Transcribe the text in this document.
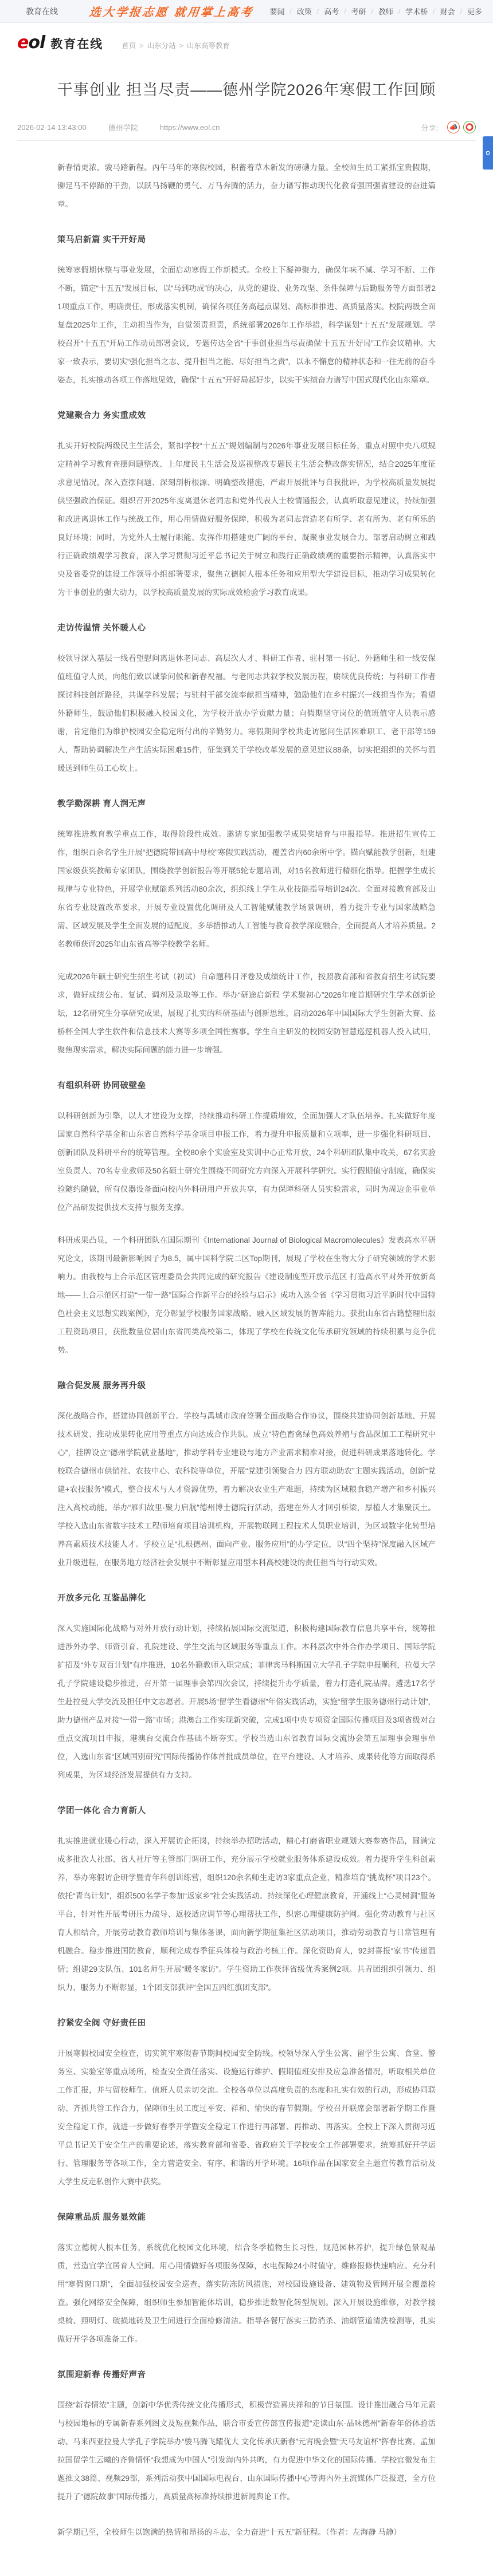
教育在线	选大学报志愿 就用掌上高考	要闻 / 政策 / 高考 / 考研 / 教师 / 学术桥 / 财会 / 更多
eol 教育在线	首页 > 山东分站 > 山东高等教育
干事创业 担当尽责——德州学院2026年寒假工作回顾
2026-02-14 13:43:00	德州学院	https://www.eol.cn	分享: 📣 ⭕

新春情更浓，骏马踏新程。丙午马年的寒假校园，积蓄着草木新发的磅礴力量。全校师生员工紧抓宝贵假期，铆足马不停蹄的干劲，以跃马扬鞭的勇气、万马奔腾的活力，奋力谱写推动现代化教育强国强省建设的奋进篇章。

策马启新篇 实干开好局

统筹寒假期休整与事业发展，全面启动寒假工作新模式。全校上下凝神聚力，确保年味不减、学习不断、工作不断，锚定“十五五”发展目标，以“马到功成”的决心，从党的建设、业务攻坚、条件保障与后勤服务等方面部署21项重点工作，明确责任，形成落实机制，确保各项任务高起点谋划、高标准推进、高质量落实。校院两级全面复盘2025年工作，主动担当作为，自觉领责担责，系统部署2026年工作举措，科学谋划“十五五”发展规划。学校召开“十五五”开局工作动员部署会议，专题传达全省“干事创业担当尽责确保‘十五五’开好局”工作会议精神。大家一致表示，要切实“强化担当之志、提升担当之能、尽好担当之责”，以永不懈怠的精神状态和一往无前的奋斗姿态，扎实推动各项工作落地见效，确保“十五五”开好局起好步，以实干实绩奋力谱写中国式现代化山东篇章。

党建聚合力 务实重成效

扎实开好校院两级民主生活会，紧扣学校“十五五”规划编制与2026年事业发展目标任务，重点对照中央八项规定精神学习教育查摆问题整改、上年度民主生活会及巡视整改专题民主生活会整改落实情况，结合2025年度征求意见情况，深入查摆问题、深刻剖析根源、明确整改措施，严肃开展批评与自我批评，为学校高质量发展提供坚强政治保证。组织召开2025年度离退休老同志和党外代表人士校情通报会，认真听取意见建议，持续加强和改进离退休工作与统战工作，用心用情做好服务保障，积极为老同志营造老有所学、老有所为、老有所乐的良好环境；同时，为党外人士履行职能、发挥作用搭建更广阔的平台，凝聚事业发展合力。部署启动树立和践行正确政绩观学习教育，深入学习贯彻习近平总书记关于树立和践行正确政绩观的重要指示精神，认真落实中央及省委党的建设工作领导小组部署要求，聚焦立德树人根本任务和应用型大学建设目标，推动学习成果转化为干事创业的强大动力，以学校高质量发展的实际成效检验学习教育成果。

走访传温情 关怀暖人心

校领导深入基层一线看望慰问离退休老同志、高层次人才、科研工作者、驻村第一书记、外籍师生和一线安保值班值守人员，向他们致以诚挚问候和新春祝福。与老同志共叙学校发展历程，赓续优良传统；与科研工作者探讨科技创新路径，共谋学科发展；与驻村干部交流奉献担当精神，勉励他们在乡村振兴一线担当作为；看望外籍师生，鼓励他们积极融入校园文化，为学校开放办学贡献力量；向假期坚守岗位的值班值守人员表示感谢，肯定他们为维护校园安全稳定所付出的辛勤努力。寒假期间学校共走访慰问生活困难职工、老干部等159人，帮助协调解决生产生活实际困难15件，征集到关于学校改革发展的意见建议88条，切实把组织的关怀与温暖送到师生员工心坎上。

教学勤深耕 育人润无声

统筹推进教育教学重点工作，取得阶段性成效。邀请专家加强教学成果奖培育与申报指导。推进招生宣传工作，组织百余名学生开展“把德院带回高中母校”寒假实践活动，覆盖省内60余所中学。锚向赋能教学创新，组建国家级获奖教师专家团队，围绕教学创新报告等开展5轮专题培训，对15名教师进行精细化指导。把握学生成长规律与专业特色，开展学业赋能系列活动80余次，组织线上学生从业技能指导培训24次。全面对接教育部及山东省专业设置改革要求，开展专业设置优化调研及人工智能赋能教学场景调研，着力提升专业与国家战略急需、区域发展及学生全面发展的适配度，多举措推动人工智能与教育教学深度融合，全面提高人才培养质量。2名教师获评2025年山东省高等学校教学名师。

完成2026年硕士研究生招生考试（初试）自命题科目评卷及成绩统计工作，按照教育部和省教育招生考试院要求，做好成绩公布、复试、调剂及录取等工作。举办“研途启新程 学术聚初心”2026年度首期研究生学术创新论坛，12名研究生分享研究成果，展现了扎实的科研基础与创新思维。启动2026年中国国际大学生创新大赛、蓝桥杯全国大学生软件和信息技术大赛等多项全国性赛事。学生自主研发的校园安防智慧巡逻机器人投入试用，聚焦现实需求，解决实际问题的能力进一步增强。

有组织科研 协同破壁垒

以科研创新为引擎，以人才建设为支撑，持续推动科研工作提质增效，全面加强人才队伍培养。扎实做好年度国家自然科学基金和山东省自然科学基金项目申报工作，着力提升申报质量和立项率，进一步强化科研项目、创新团队及科研平台的统筹管理。全校80余个实验室及实训中心正常开放，24个科研团队集中攻关，67名实验室负责人、70名专业教师及50名硕士研究生围绕不同研究方向深入开展科学研究。实行假期值守制度，确保实验随约随做，所有仪器设备面向校内外科研用户开放共享，有力保障科研人员实验需求，同时为周边企事业单位产品研发提供技术支持与服务支撑。

科研成果凸显，一个科研团队在国际期刊《International Journal of Biological Macromolecules》发表高水平研究论文，该期刊最新影响因子为8.5，属中国科学院二区Top期刊，展现了学校在生物大分子研究领域的学术影响力。由我校与上合示范区管理委员会共同完成的研究报告《建设制度型开放示范区 打造高水平对外开放新高地——上合示范区打造“一带一路”国际合作新平台的经验与启示》成功入选全省《学习贯彻习近平新时代中国特色社会主义思想实践案例》，充分彰显学校服务国家战略、融入区域发展的智库能力。获批山东省古籍整理出版工程资助项目，获批数量位居山东省同类高校第二，体现了学校在传统文化传承研究领域的持续积累与竞争优势。

融合促发展 服务再升级

深化战略合作，搭建协同创新平台。学校与禹城市政府签署全面战略合作协议，围绕共建协同创新基地、开展技术研发、推动成果转化应用等重点方向达成合作共识。成立“特色畜禽绿色高效养殖与食品深加工工程研究中心”，挂牌设立“德州学院就业基地”，推动学科专业建设与地方产业需求精准对接，促进科研成果落地转化。学校联合德州市供销社、农技中心、农科院等单位，开展“党建引领聚合力 四方联动助农”主题实践活动，创新“党建+农技服务”模式，整合技术与人才资源优势，着力解决农业生产难题，持续为区域粮食稳产增产和乡村振兴注入高校动能。举办“雁归故里·聚力启航”德州博士德院行活动，搭建在外人才回引桥梁，厚植人才集聚沃土。学校入选山东省数字技术工程师培育项目培训机构，开展物联网工程技术人员职业培训，为区域数字化转型培养高素质技术技能人才。学校立足“扎根德州、面向产业、服务应用”的办学定位，以“四个坚持”深度融入区域产业升级进程，在服务地方经济社会发展中不断彰显应用型本科高校建设的责任担当与行动实效。

开放多元化 互鉴品牌化

深入实施国际化战略与对外开放行动计划，持续拓展国际交流渠道，积极构建国际教育信息共享平台，统筹推进涉外办学、师资引育、孔院建设、学生交流与区域服务等重点工作。本科层次中外合作办学项目、国际学院扩招及“外专双百计划”有序推进，10名外籍教师入职完成；菲律宾马科斯国立大学孔子学院申报顺利，拉曼大学孔子学院建设稳步推进，召开第一届理事会第四次会议，持续提升办学质量，着力打造孔院品牌。遴选17名学生赴拉曼大学交流及担任中文志愿者。开展5场“留学生看德州”年俗实践活动，实施“留学生服务德州行动计划”，助力德州产品对接“一带一路”市场；港澳台工作实现新突破，完成1项中央专项资金国际传播项目及3项省级对台重点交流项目申报，港澳台交流合作基础不断夯实。学校当选山东省教育国际交流协会第五届理事会理事单位，入选山东省“区域国别研究”国际传播协作体首批成员单位，在平台建设、人才培养、成果转化等方面取得系列成果，为区域经济发展提供有力支持。

学团一体化 合力育新人

扎实推进就业暖心行动，深入开展访企拓岗，持续举办招聘活动，精心打磨省职业规划大赛参赛作品，圆满完成多批次人社部、省人社厅等主管部门调研工作，充分展示学校就业服务体系建设成效。着力提升学生科创素养，举办寒假访企研学暨青年科创训练营，组织120余名师生走访3家重点企业，精准培育“挑战杯”项目23个。依托“青鸟计划”，组织500名学子参加“返家乡”社会实践活动。持续深化心理健康教育，开通线上“心灵树洞”服务平台，针对性开展考研压力疏导、返校适应调节等心理帮扶工作，织密心理健康防护网。强化劳动教育与社区育人相结合，开展劳动教育教师培训与集体备课，面向新学期征集社区活动项目，推动劳动教育与日常管理有机融合。稳步推进国防教育，顺利完成春季征兵体检与政治考核工作。深化资助育人，92封喜报“家书”传递温情；组建29支队伍、101名师生开展“暖冬家访”。学生资助工作获评省级优秀案例2项。共青团组织引领力、组织力、服务力不断彰显，1个团支部获评“全国五四红旗团支部”。

拧紧安全阀 守好责任田

开展寒假校园安全检查，切实筑牢寒假春节期间校园安全防线。校领导深入学生公寓、留学生公寓、食堂、警务室、实验室等重点场所，检查安全责任落实、设施运行维护、假期值班安排及应急准备情况，听取相关单位工作汇报，并与留校师生、值班人员亲切交流。全校各单位以高度负责的态度和扎实有效的行动，形成协同联动、齐抓共管工作合力，保障师生员工度过平安、祥和、愉快的春节假期。学校召开联席会部署新学期工作暨安全稳定工作，就进一步做好春季开学暨安全稳定工作进行再部署、再推动、再落实。全校上下深入贯彻习近平总书记关于安全生产的重要论述，落实教育部和省委、省政府关于学校安全工作部署要求，统筹抓好开学运行、管理服务等各项工作，全力营造安全、有序、和谐的开学环境。16项作品在国家安全主题宣传教育活动及大学生反走私创作大赛中获奖。

保障重品质 服务显效能

落实立德树人根本任务，系统优化校园文化环境，结合冬季植物生长习性，规范园林养护，提升绿色景观品质，营造宜学宜居育人空间。用心用情做好各项服务保障，水电保障24小时值守，维修报修快速响应。充分利用“寒假窗口期”，全面加强校园安全巡查，落实防冻防风措施，对校园设施设备、建筑物及管网开展全覆盖检查。强化网络安全保障，组织师生参加智能体培训，稳步推进数智化转型规划。深入开展设施维修，对教学楼桌椅、照明灯、破损地砖及卫生间进行全面检修清洁。指导各餐厅落实三防消杀、油烟管道清洗检测等，扎实做好开学各项准备工作。

氛围迎新春 传播好声音

围绕“新春情浓”主题，创新中华优秀传统文化传播形式，积极营造喜庆祥和的节日氛围。设计推出融合马年元素与校园地标的专属新春系列图文及短视频作品，联合市委宣传部宣传报道“走读山东·品味德州”新春年俗体验活动、马来西亚拉曼大学孔子学院举办“骏马腾飞耀优大 文化传承庆新春”元宵晚会暨“天马友谊杯”挥春比赛。孟加拉国留学生云曦的齐鲁情怀“我想成为中国人”引发海内外共鸣，有力促进中华文化的国际传播。学校官微发布主题推文38篇、视频29部，系列活动获中国国际电视台、山东国际传播中心等海内外主流媒体广泛报道，全方位提升了“德院故事”国际传播力，高质量高标准持续推进新闻舆论工作。

新学期已至，全校师生以饱满的热情和昂扬的斗志，全力奋进“十五五”新征程。（作者：左海静 马静）
